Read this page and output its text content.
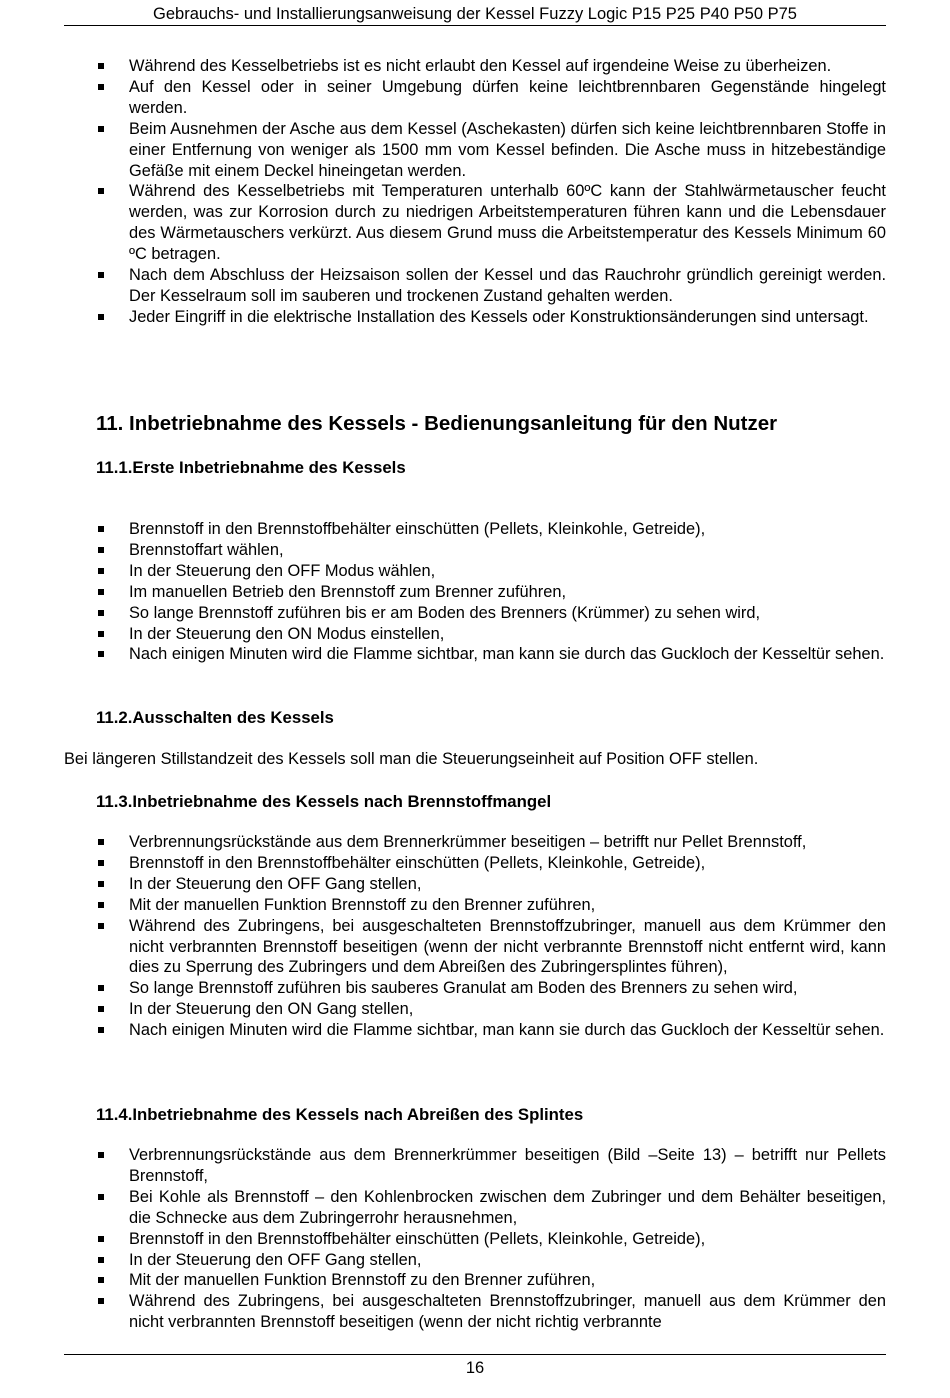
Gebrauchs- und Installierungsanweisung der Kessel Fuzzy Logic P15 P25 P40 P50 P75
Während des Kesselbetriebs ist es nicht erlaubt den Kessel auf irgendeine Weise zu überheizen.
Auf den Kessel oder in seiner Umgebung dürfen keine leichtbrennbaren Gegenstände hingelegt werden.
Beim Ausnehmen der Asche aus dem Kessel (Aschekasten) dürfen sich keine leichtbrennbaren Stoffe in einer Entfernung von weniger als 1500 mm vom Kessel befinden. Die Asche muss in hitzebeständige Gefäße mit einem Deckel hineingetan werden.
Während des Kesselbetriebs mit Temperaturen unterhalb 60ºC kann der Stahlwärmetauscher feucht werden, was zur Korrosion durch zu niedrigen Arbeitstemperaturen führen kann und die Lebensdauer des Wärmetauschers verkürzt. Aus diesem Grund muss die Arbeitstemperatur des Kessels Minimum 60 ºC betragen.
Nach dem Abschluss der Heizsaison sollen der Kessel und das Rauchrohr gründlich gereinigt werden. Der Kesselraum soll im sauberen und trockenen Zustand gehalten werden.
Jeder Eingriff in die elektrische Installation des Kessels oder Konstruktionsänderungen sind untersagt.
11. Inbetriebnahme des Kessels - Bedienungsanleitung für den Nutzer
11.1.Erste Inbetriebnahme des Kessels
Brennstoff in den Brennstoffbehälter einschütten (Pellets, Kleinkohle, Getreide),
Brennstoffart wählen,
In der Steuerung den OFF Modus wählen,
Im manuellen Betrieb den Brennstoff zum Brenner zuführen,
So lange Brennstoff zuführen bis er am Boden des Brenners (Krümmer) zu sehen wird,
In der Steuerung den ON Modus einstellen,
Nach einigen Minuten wird die Flamme sichtbar, man kann sie durch das Guckloch der Kesseltür sehen.
11.2.Ausschalten des Kessels
Bei längeren Stillstandzeit des Kessels soll man die Steuerungseinheit auf Position OFF stellen.
11.3.Inbetriebnahme des Kessels nach Brennstoffmangel
Verbrennungsrückstände aus dem Brennerkrümmer beseitigen – betrifft nur Pellet Brennstoff,
Brennstoff in den Brennstoffbehälter einschütten (Pellets, Kleinkohle, Getreide),
In der Steuerung den OFF Gang stellen,
Mit der manuellen Funktion Brennstoff zu den Brenner zuführen,
Während des Zubringens, bei ausgeschalteten Brennstoffzubringer, manuell aus dem Krümmer den nicht verbrannten Brennstoff beseitigen (wenn der nicht verbrannte Brennstoff nicht entfernt wird, kann dies zu Sperrung des Zubringers und dem Abreißen des Zubringersplintes führen),
So lange Brennstoff zuführen bis sauberes Granulat am Boden des Brenners zu sehen wird,
In der Steuerung den ON Gang stellen,
Nach einigen Minuten wird die Flamme sichtbar, man kann sie durch das Guckloch der Kesseltür sehen.
11.4.Inbetriebnahme des Kessels nach Abreißen des Splintes
Verbrennungsrückstände aus dem Brennerkrümmer beseitigen (Bild –Seite 13) – betrifft nur Pellets Brennstoff,
Bei Kohle als Brennstoff – den Kohlenbrocken zwischen dem Zubringer und dem Behälter beseitigen, die Schnecke aus dem Zubringerrohr herausnehmen,
Brennstoff in den Brennstoffbehälter einschütten (Pellets, Kleinkohle, Getreide),
In der Steuerung den OFF Gang stellen,
Mit der manuellen Funktion Brennstoff zu den Brenner zuführen,
Während des Zubringens, bei ausgeschalteten Brennstoffzubringer, manuell aus dem Krümmer den nicht verbrannten Brennstoff beseitigen (wenn der nicht richtig verbrannte
16
